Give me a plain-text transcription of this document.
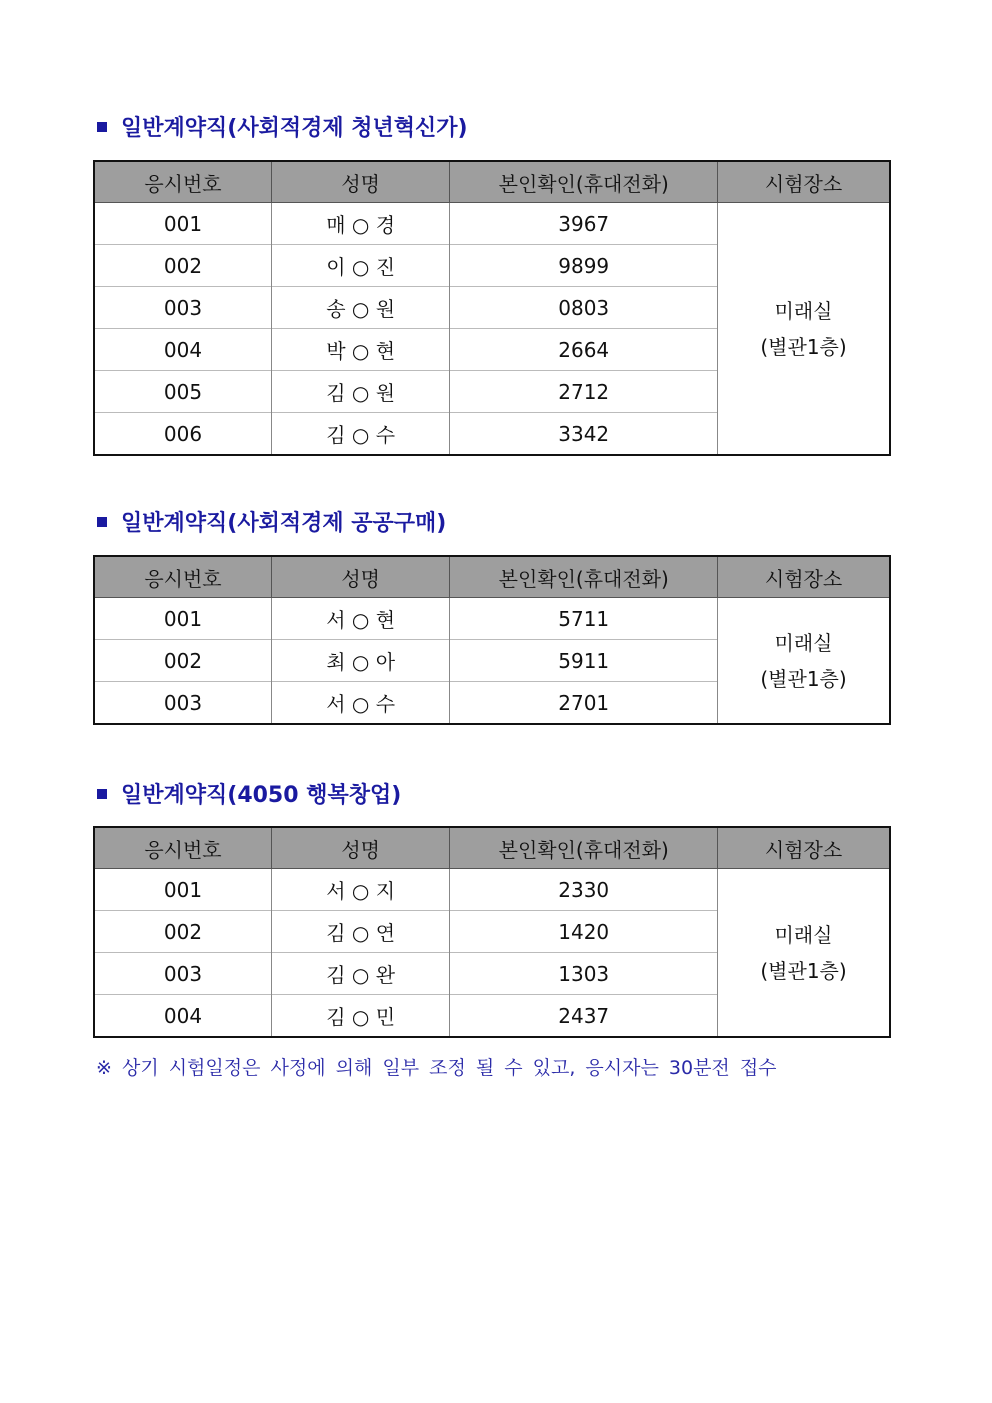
일반계약직(사회적경제 청년혁신가)
응시번호	성명	본인확인(휴대전화)	시험장소
001	매 ○ 경	3967	미래실
(별관1층)
002	이 ○ 진	9899	
003	송 ○ 원	0803	
004	박 ○ 현	2664	
005	김 ○ 원	2712	
006	김 ○ 수	3342	
일반계약직(사회적경제 공공구매)
응시번호	성명	본인확인(휴대전화)	시험장소
001	서 ○ 현	5711	미래실
(별관1층)
002	최 ○ 아	5911	
003	서 ○ 수	2701	
일반계약직(4050 행복창업)
응시번호	성명	본인확인(휴대전화)	시험장소
001	서 ○ 지	2330	미래실
(별관1층)
002	김 ○ 연	1420	
003	김 ○ 완	1303	
004	김 ○ 민	2437	
※ 상기 시험일정은 사정에 의해 일부 조정 될 수 있고, 응시자는 30분전 접수
